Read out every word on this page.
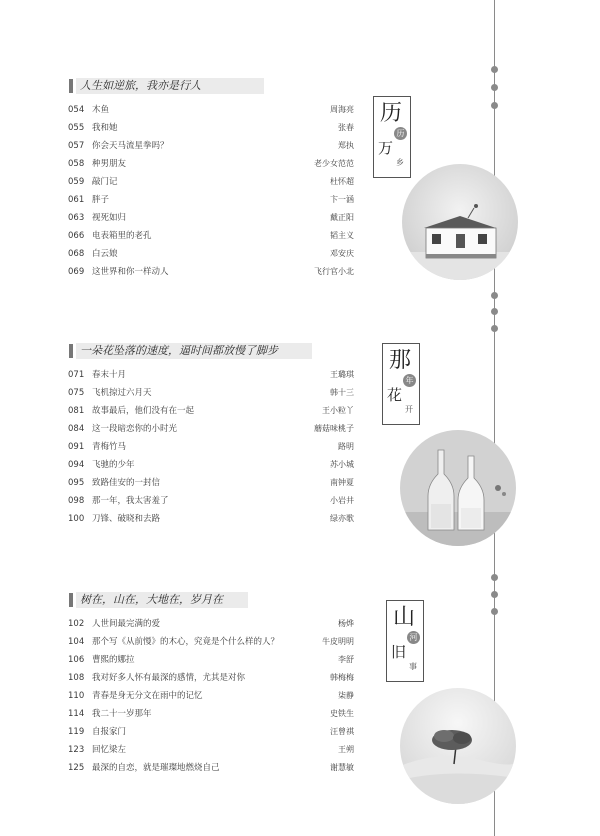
人生如逆旅，我亦是行人
054 木鱼	周海亮
055 我和她	张春
057 你会天马流星拳吗？	郑执
058 种男朋友	老少女范范
059 敲门记	杜怀超
061 胖子	卞一涵
063 视死如归	戴正阳
066 电表箱里的老孔	韬主义
068 白云娘	邓安庆
069 这世界和你一样动人	飞行官小北
历
历
万
乡
一朵花坠落的速度，逼时间都放慢了脚步
071 春末十月	王璐琪
075 飞机掠过六月天	韩十三
081 故事最后，他们没有在一起	王小粒丫
084 这一段暗恋你的小时光	蘑菇味桃子
091 青梅竹马	路明
094 飞驰的少年	苏小城
095 致路佳安的一封信	南钟夏
098 那一年，我太害羞了	小岩井
100 刀锋、破晓和去路	绿亦歌
那
年
花
开
树在，山在，大地在，岁月在
102 人世间最完满的爱	杨烨
104 那个写《从前慢》的木心，究竟是个什么样的人？	牛皮明明
106 曹熙的娜拉	李舒
108 我对好多人怀有最深的感情，尤其是对你	韩梅梅
110 青春是身无分文在雨中的记忆	柒静
114 我二十一岁那年	史铁生
119 自报家门	汪曾祺
123 回忆梁左	王朔
125 最深的自恋，就是璀璨地燃烧自己	谢慧敏
山
河
旧
事
